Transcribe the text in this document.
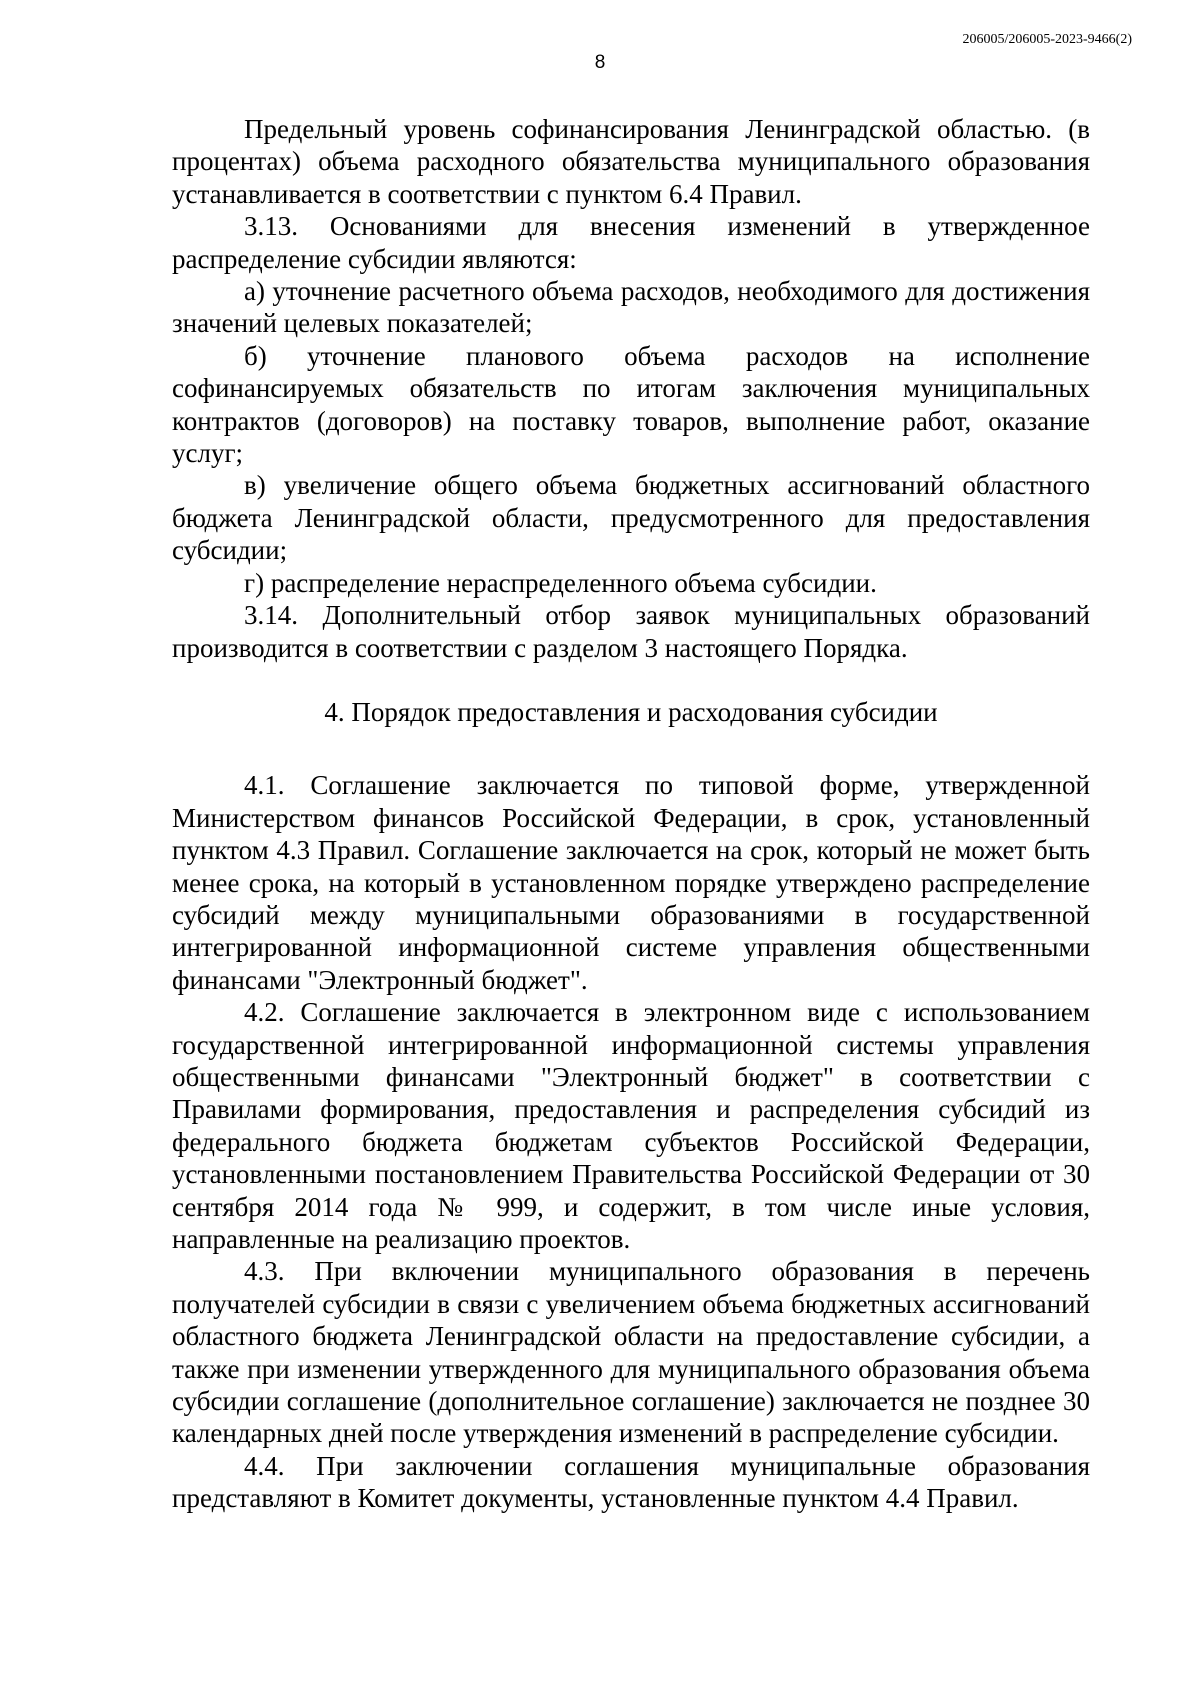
206005/206005-2023-9466(2)
8

Предельный уровень софинансирования Ленинградской областью. (в процентах) объема расходного обязательства муниципального образования устанавливается в соответствии с пунктом 6.4 Правил.

3.13. Основаниями для внесения изменений в утвержденное распределение субсидии являются:

а) уточнение расчетного объема расходов, необходимого для достижения значений целевых показателей;

б) уточнение планового объема расходов на исполнение софинансируемых обязательств по итогам заключения муниципальных контрактов (договоров) на поставку товаров, выполнение работ, оказание услуг;

в) увеличение общего объема бюджетных ассигнований областного бюджета Ленинградской области, предусмотренного для предоставления субсидии;

г) распределение нераспределенного объема субсидии.

3.14. Дополнительный отбор заявок муниципальных образований производится в соответствии с разделом 3 настоящего Порядка.

4. Порядок предоставления и расходования субсидии

4.1. Соглашение заключается по типовой форме, утвержденной Министерством финансов Российской Федерации, в срок, установленный пунктом 4.3 Правил. Соглашение заключается на срок, который не может быть менее срока, на который в установленном порядке утверждено распределение субсидий между муниципальными образованиями в государственной интегрированной информационной системе управления общественными финансами "Электронный бюджет".

4.2. Соглашение заключается в электронном виде с использованием государственной интегрированной информационной системы управления общественными финансами "Электронный бюджет" в соответствии с Правилами формирования, предоставления и распределения субсидий из федерального бюджета бюджетам субъектов Российской Федерации, установленными постановлением Правительства Российской Федерации от 30 сентября 2014 года № 999, и содержит, в том числе иные условия, направленные на реализацию проектов.

4.3. При включении муниципального образования в перечень получателей субсидии в связи с увеличением объема бюджетных ассигнований областного бюджета Ленинградской области на предоставление субсидии, а также при изменении утвержденного для муниципального образования объема субсидии соглашение (дополнительное соглашение) заключается не позднее 30 календарных дней после утверждения изменений в распределение субсидии.

4.4. При заключении соглашения муниципальные образования представляют в Комитет документы, установленные пунктом 4.4 Правил.
